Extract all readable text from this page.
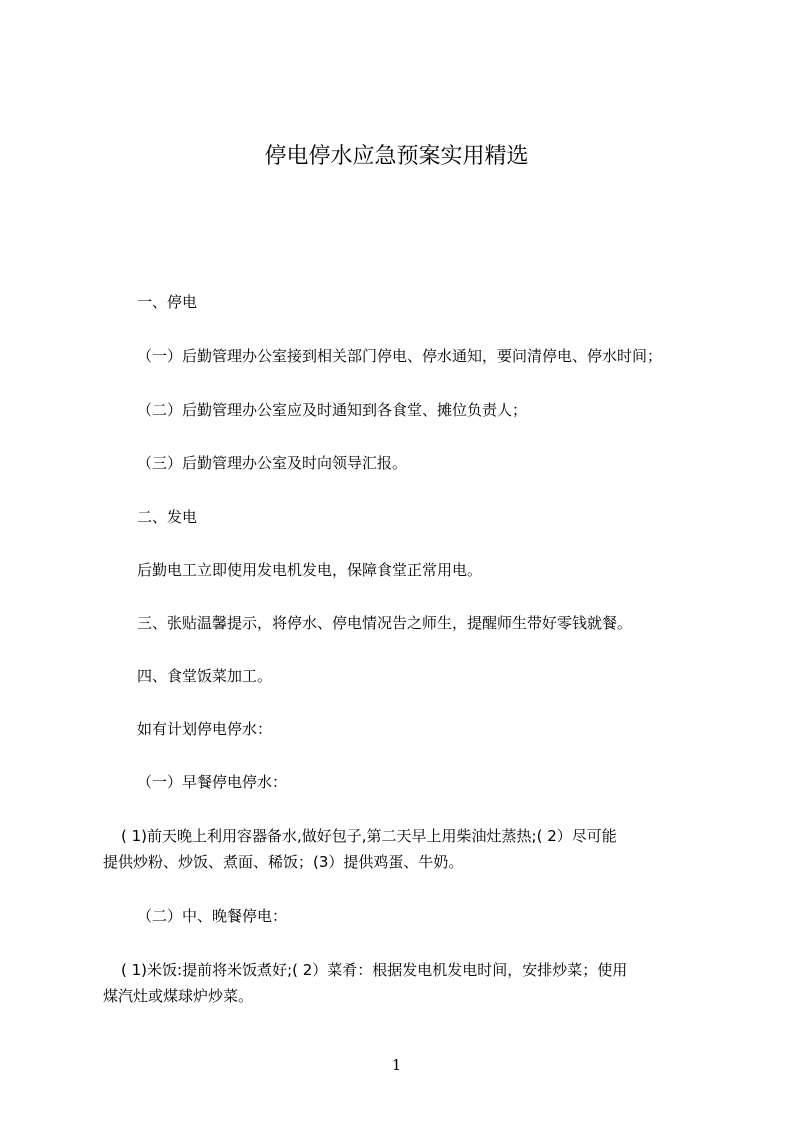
停电停水应急预案实用精选
一、停电
（一）后勤管理办公室接到相关部门停电、停水通知，要问清停电、停水时间；
（二）后勤管理办公室应及时通知到各食堂、摊位负责人；
（三）后勤管理办公室及时向领导汇报。
二、发电
后勤电工立即使用发电机发电，保障食堂正常用电。
三、张贴温馨提示，将停水、停电情况告之师生，提醒师生带好零钱就餐。
四、食堂饭菜加工。
如有计划停电停水：
（一）早餐停电停水：
( 1)前天晚上利用容器备水,做好包子,第二天早上用柴油灶蒸热;( 2）尽可能
提供炒粉、炒饭、煮面、稀饭；(3）提供鸡蛋、牛奶。
（二）中、晚餐停电：
( 1)米饭:提前将米饭煮好;( 2）菜肴：根据发电机发电时间，安排炒菜；使用
煤汽灶或煤球炉炒菜。
1
